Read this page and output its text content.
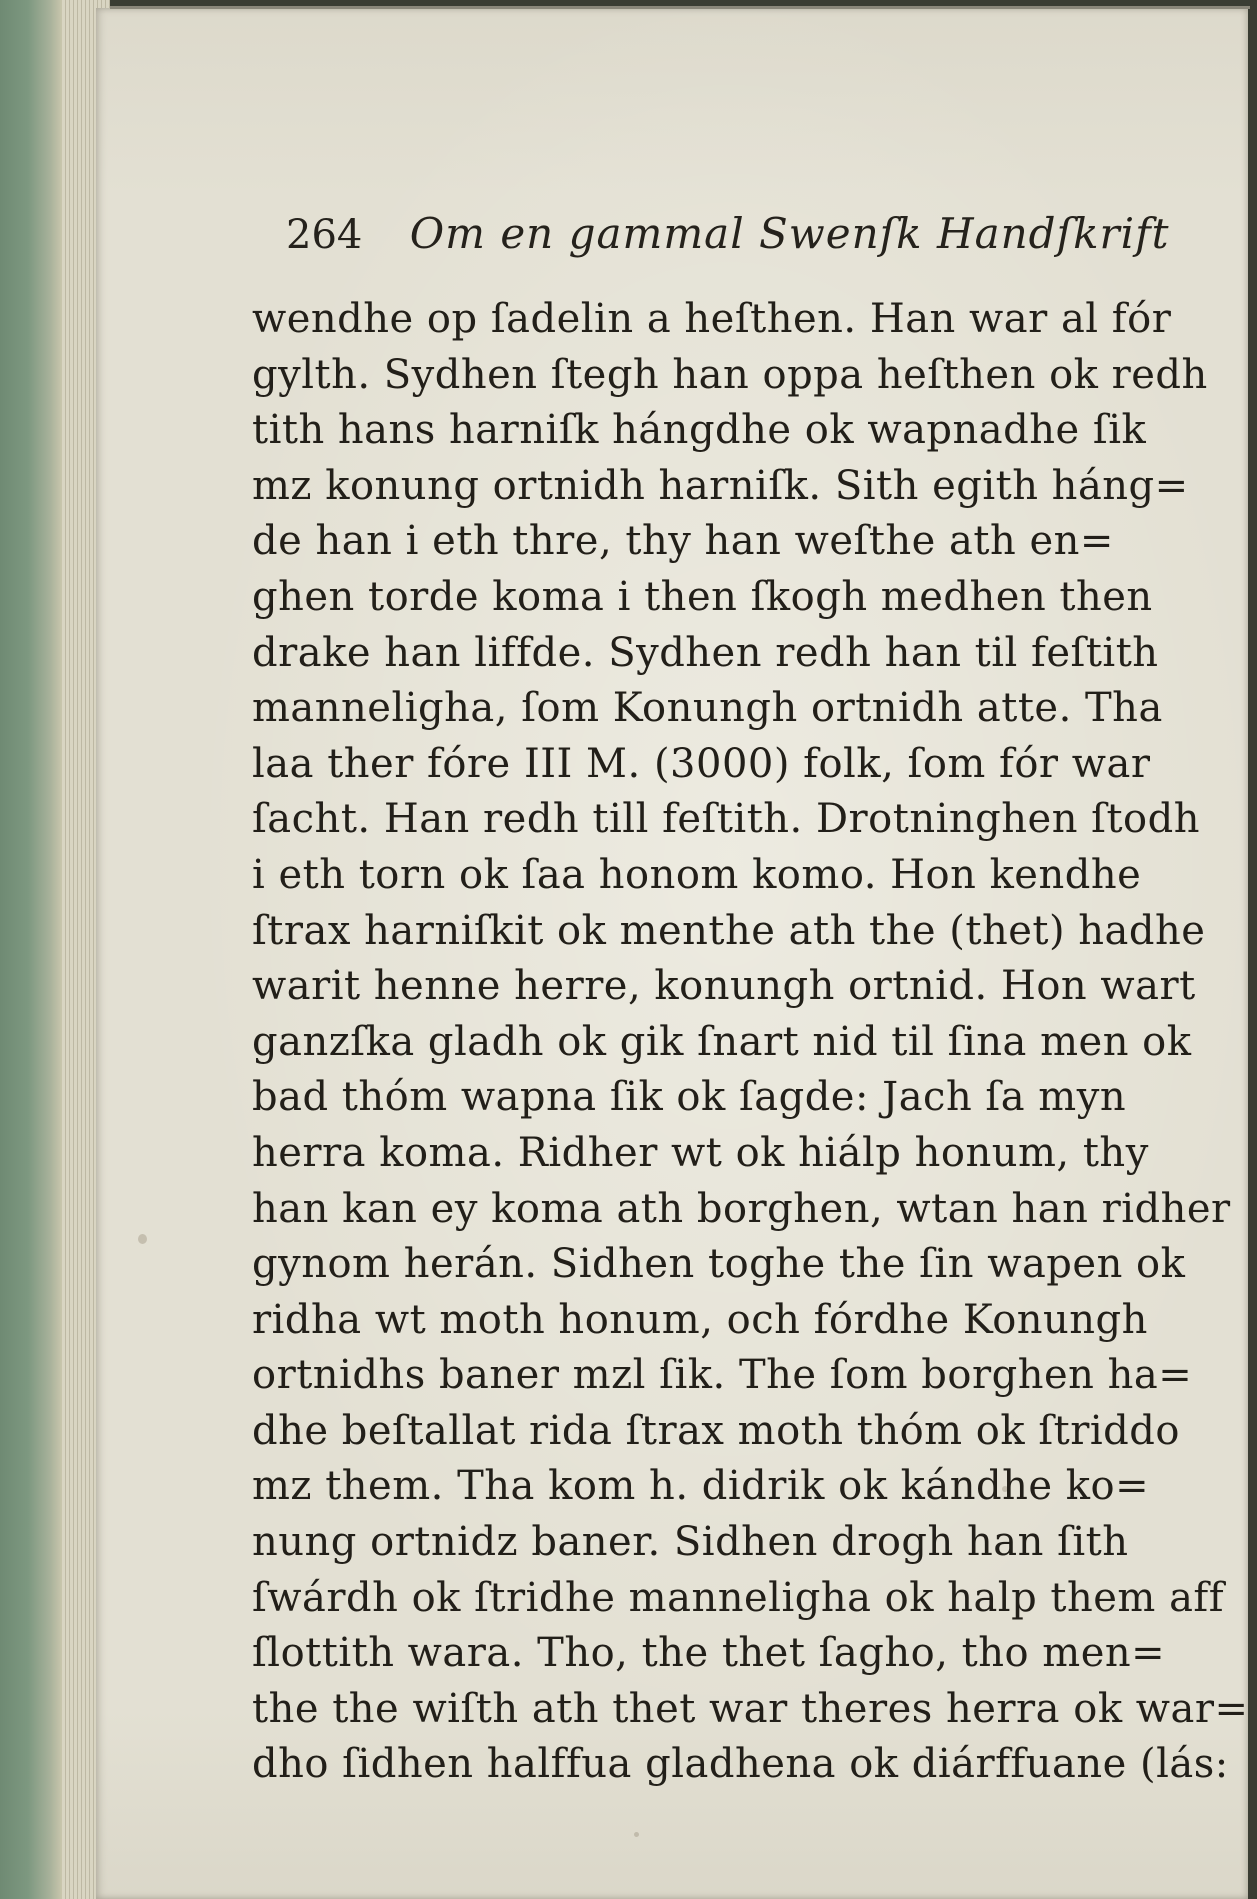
264 Om en gammal Swenſk Handſkrift
wendhe op ſadelin a heſthen. Han war al fór
gylth. Sydhen ſtegh han oppa heſthen ok redh
tith hans harniſk hángdhe ok wapnadhe ſik
mz konung ortnidh harniſk. Sith egith háng=
de han i eth thre, thy han weſthe ath en=
ghen torde koma i then ſkogh medhen then
drake han liffde. Sydhen redh han til feſtith
manneligha, ſom Konungh ortnidh atte. Tha
laa ther fóre III M. (3000) folk, ſom fór war
ſacht. Han redh till feſtith. Drotninghen ſtodh
i eth torn ok ſaa honom komo. Hon kendhe
ſtrax harniſkit ok menthe ath the (thet) hadhe
warit henne herre, konungh ortnid. Hon wart
ganzſka gladh ok gik ſnart nid til ſina men ok
bad thóm wapna ſik ok ſagde: Jach ſa myn
herra koma. Ridher wt ok hiálp honum, thy
han kan ey koma ath borghen, wtan han ridher
gynom herán. Sidhen toghe the ſin wapen ok
ridha wt moth honum, och fórdhe Konungh
ortnidhs baner mzl ſik. The ſom borghen ha=
dhe beſtallat rida ſtrax moth thóm ok ſtriddo
mz them. Tha kom h. didrik ok kándhe ko=
nung ortnidz baner. Sidhen drogh han ſith
ſwárdh ok ſtridhe manneligha ok halp them aff
ſlottith wara. Tho, the thet ſagho, tho men=
the the wiſth ath thet war theres herra ok war=
dho ſidhen halffua gladhena ok diárffuane (lás:
